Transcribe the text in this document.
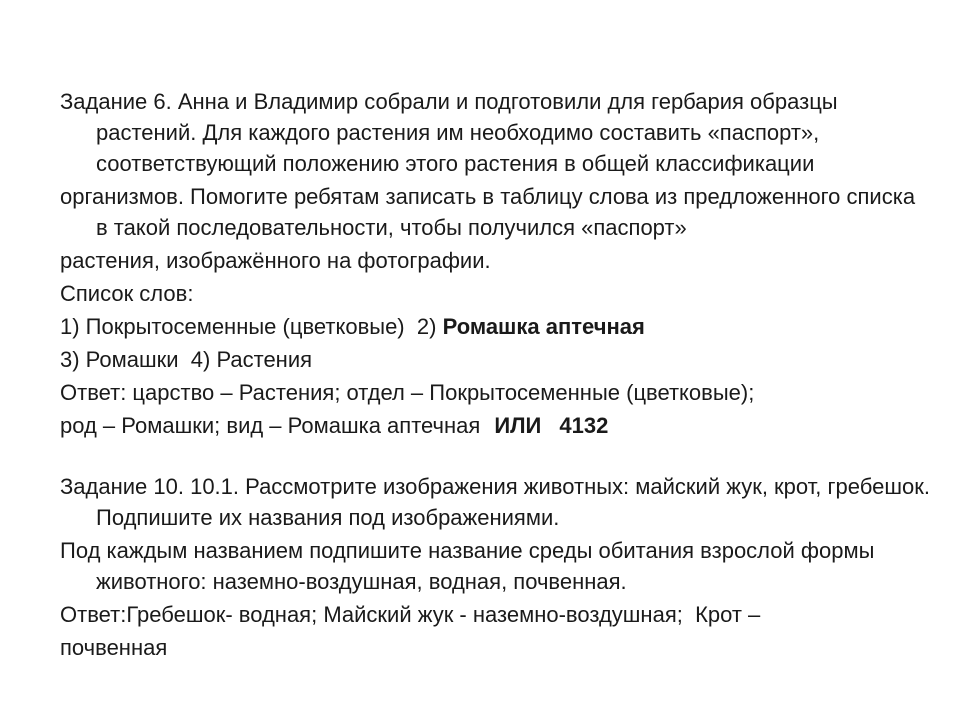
Задание 6. Анна и Владимир собрали и подготовили для гербария образцы растений. Для каждого растения им необходимо составить «паспорт», соответствующий положению этого растения в общей классификации

организмов. Помогите ребятам записать в таблицу слова из предложенного списка в такой последовательности, чтобы получился «паспорт»

растения, изображённого на фотографии.

Список слов:

1) Покрытосеменные (цветковые) 2) Ромашка аптечная

3) Ромашки  4) Растения

Ответ: царство – Растения; отдел – Покрытосеменные (цветковые);

род – Ромашки; вид – Ромашка аптечная ИЛИ 4132

Задание 10. 10.1. Рассмотрите изображения животных: майский жук, крот, гребешок. Подпишите их названия под изображениями.

Под каждым названием подпишите название среды обитания взрослой формы животного: наземно-воздушная, водная, почвенная.

Ответ:Гребешок- водная; Майский жук - наземно-воздушная;  Крот –

почвенная
